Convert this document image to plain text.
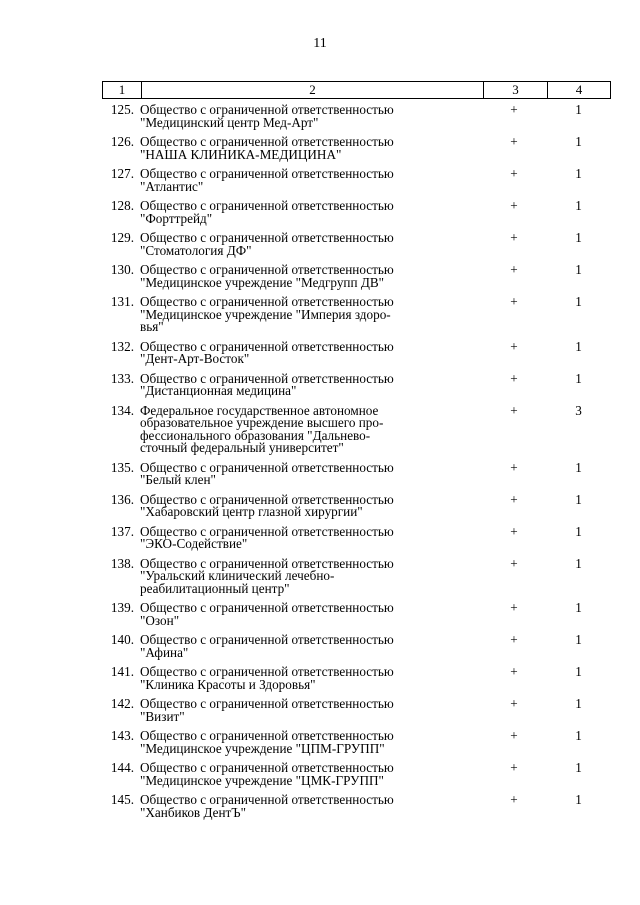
11
1	2	3	4
125. Общество с ограниченной ответственностью
"Медицинский центр Мед-Арт"
+	1
126. Общество с ограниченной ответственностью
"НАША КЛИНИКА-МЕДИЦИНА"
+	1
127. Общество с ограниченной ответственностью
"Атлантис"
+	1
128. Общество с ограниченной ответственностью
"Форттрейд"
+	1
129. Общество с ограниченной ответственностью
"Стоматология ДФ"
+	1
130. Общество с ограниченной ответственностью
"Медицинское учреждение "Медгрупп ДВ"
+	1
131. Общество с ограниченной ответственностью
"Медицинское учреждение "Империя здоро-
вья"
+	1
132. Общество с ограниченной ответственностью
"Дент-Арт-Восток"
+	1
133. Общество с ограниченной ответственностью
"Дистанционная медицина"
+	1
134. Федеральное государственное автономное
образовательное учреждение высшего про-
фессионального образования "Дальнево-
сточный федеральный университет"
+	3
135. Общество с ограниченной ответственностью
"Белый клен"
+	1
136. Общество с ограниченной ответственностью
"Хабаровский центр глазной хирургии"
+	1
137. Общество с ограниченной ответственностью
"ЭКО-Содействие"
+	1
138. Общество с ограниченной ответственностью
"Уральский клинический лечебно-
реабилитационный центр"
+	1
139. Общество с ограниченной ответственностью
"Озон"
+	1
140. Общество с ограниченной ответственностью
"Афина"
+	1
141. Общество с ограниченной ответственностью
"Клиника Красоты и Здоровья"
+	1
142. Общество с ограниченной ответственностью
"Визит"
+	1
143. Общество с ограниченной ответственностью
"Медицинское учреждение "ЦПМ-ГРУПП"
+	1
144. Общество с ограниченной ответственностью
"Медицинское учреждение "ЦМК-ГРУПП"
+	1
145. Общество с ограниченной ответственностью
"Ханбиков ДентЪ"
+	1
